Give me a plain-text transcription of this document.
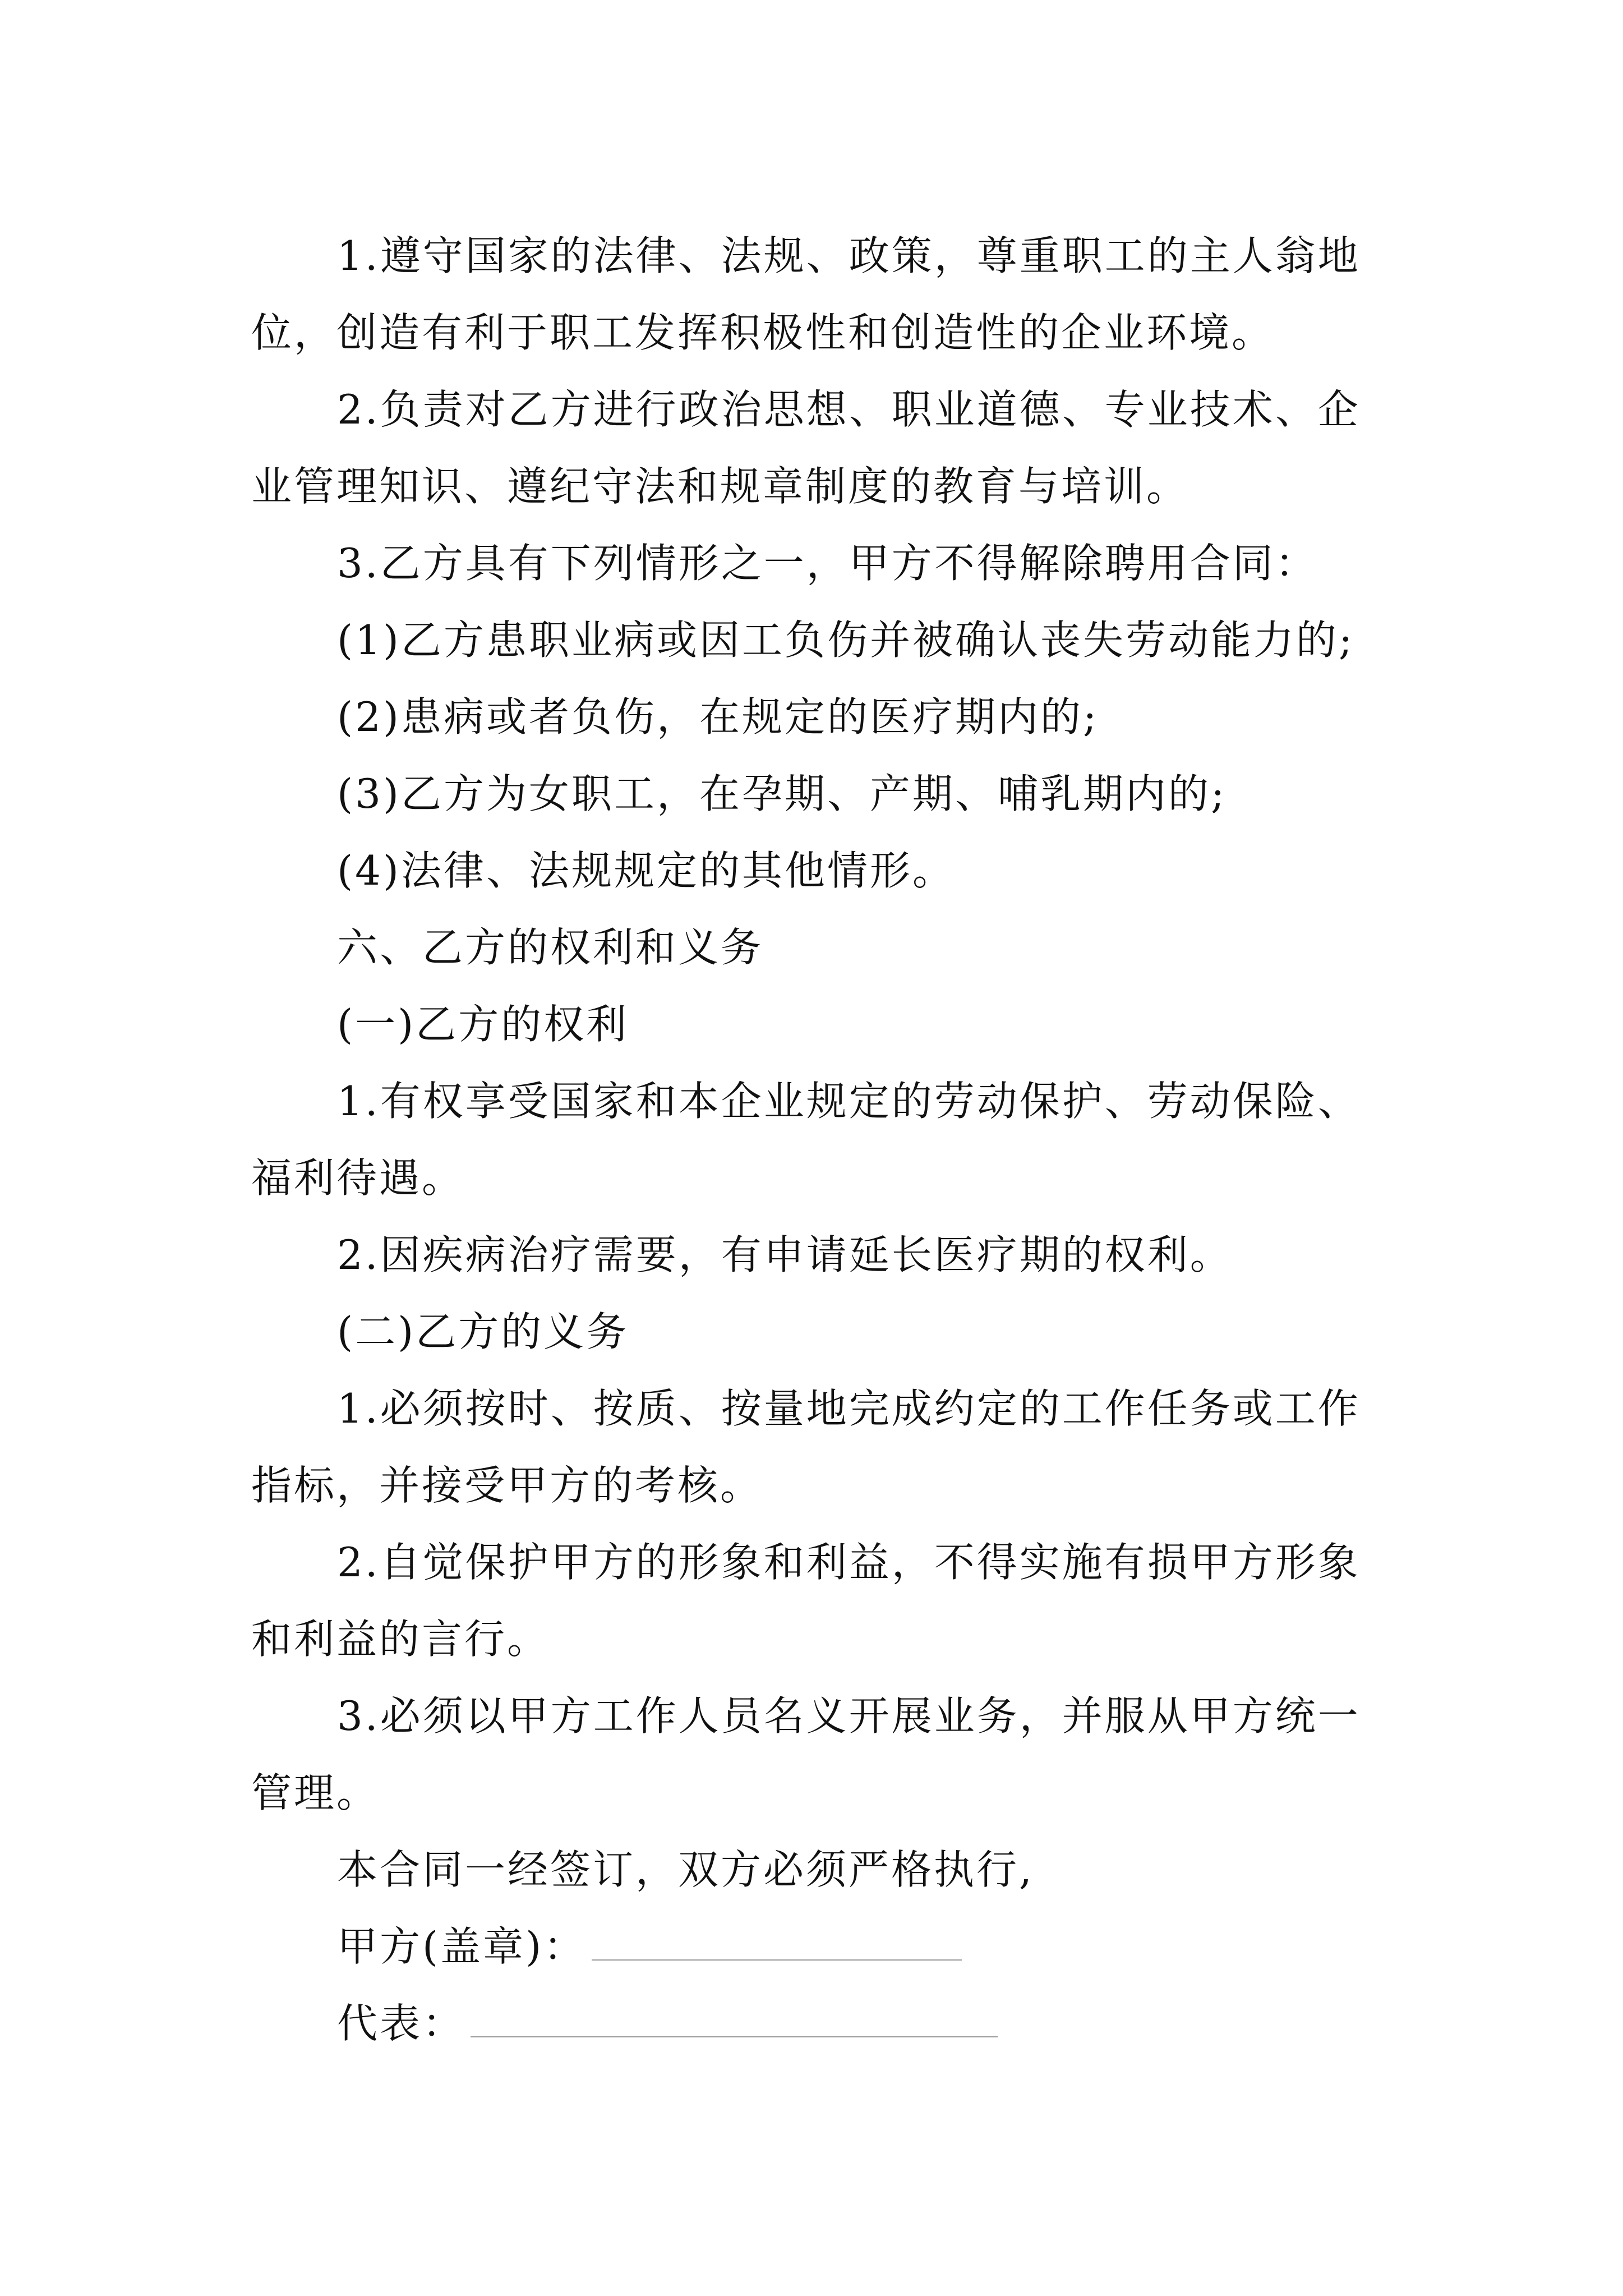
1.遵守国家的法律、法规、政策，尊重职工的主人翁地位，创造有利于职工发挥积极性和创造性的企业环境。

2.负责对乙方进行政治思想、职业道德、专业技术、企业管理知识、遵纪守法和规章制度的教育与培训。

3.乙方具有下列情形之一，甲方不得解除聘用合同：

(1)乙方患职业病或因工负伤并被确认丧失劳动能力的;

(2)患病或者负伤，在规定的医疗期内的;

(3)乙方为女职工，在孕期、产期、哺乳期内的;

(4)法律、法规规定的其他情形。

六、乙方的权利和义务

(一)乙方的权利

1.有权享受国家和本企业规定的劳动保护、劳动保险、福利待遇。

2.因疾病治疗需要，有申请延长医疗期的权利。

(二)乙方的义务

1.必须按时、按质、按量地完成约定的工作任务或工作指标，并接受甲方的考核。

2.自觉保护甲方的形象和利益，不得实施有损甲方形象和利益的言行。

3.必须以甲方工作人员名义开展业务，并服从甲方统一管理。

本合同一经签订，双方必须严格执行,

甲方(盖章)：

代表：
